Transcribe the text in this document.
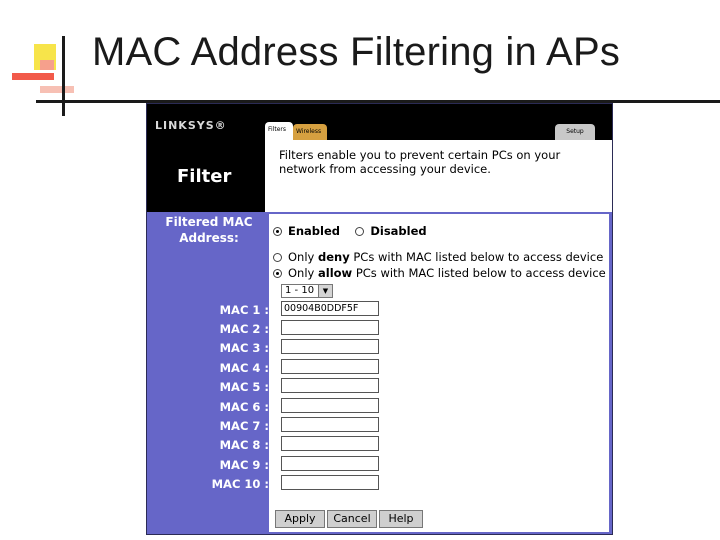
MAC Address Filtering in APs
LINKSYS®	Filters	Wireless	Setup
Filter
Filters enable you to prevent certain PCs on your network from accessing your device.
Filtered MAC Address:	Enabled	Disabled
Only deny PCs with MAC listed below to access device
Only allow PCs with MAC listed below to access device
1 - 10	▼
MAC 1 :	00904B0DDF5F
MAC 2 :
MAC 3 :
MAC 4 :
MAC 5 :
MAC 6 :
MAC 7 :
MAC 8 :
MAC 9 :
MAC 10 :
Apply	Cancel	Help
